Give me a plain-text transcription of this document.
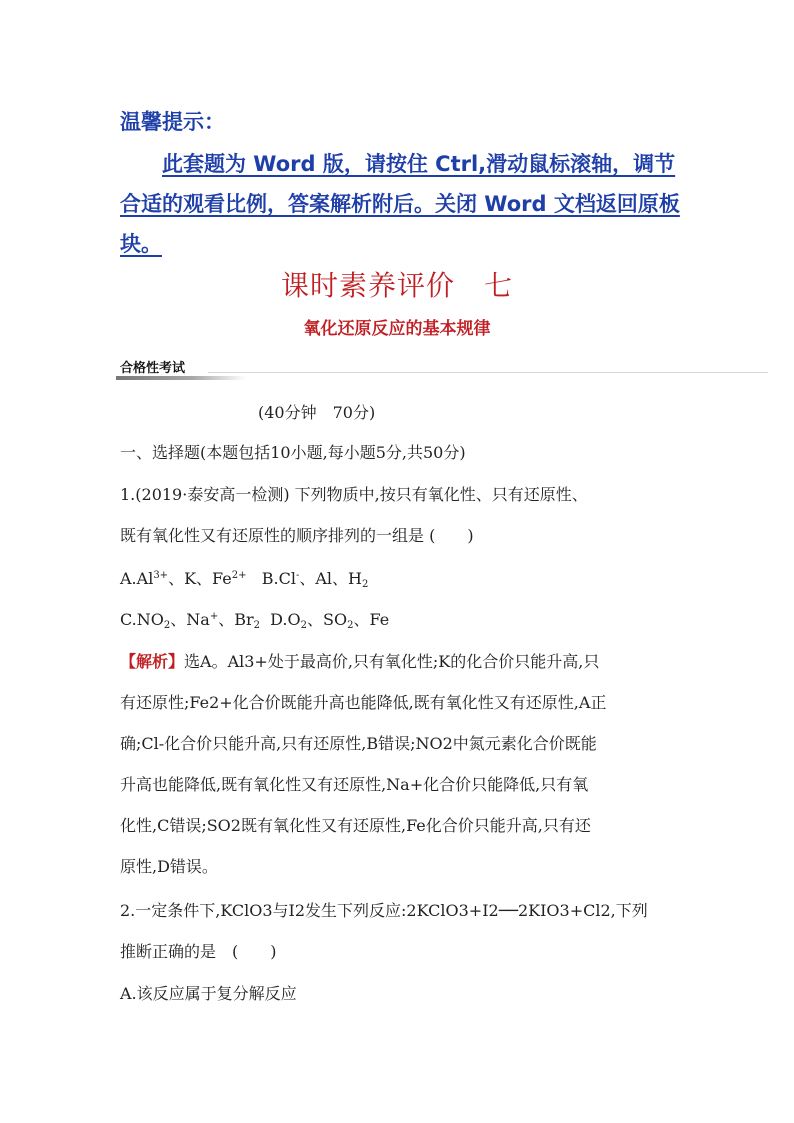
温馨提示：
此套题为 Word 版，请按住 Ctrl,滑动鼠标滚轴，调节
合适的观看比例，答案解析附后。关闭 Word 文档返回原板
块。
课时素养评价　七
氧化还原反应的基本规律
合格性考试
(40分钟　70分)
一、选择题(本题包括10小题,每小题5分,共50分)
1.(2019·泰安高一检测) 下列物质中,按只有氧化性、只有还原性、
既有氧化性又有还原性的顺序排列的一组是 (　　)
$A.Al^{3+}$、K、$Fe^{2+}$ B.Cl-、Al、$H_2$
$C.NO_2$、Na+、$Br_2$ $D.O_2$、$SO_2$、Fe
【解析】选A。Al3+处于最高价,只有氧化性;K的化合价只能升高,只
有还原性;Fe2+化合价既能升高也能降低,既有氧化性又有还原性,A正
确;Cl-化合价只能升高,只有还原性,B错误;NO2中氮元素化合价既能
升高也能降低,既有氧化性又有还原性,Na+化合价只能降低,只有氧
化性,C错误;SO2既有氧化性又有还原性,Fe化合价只能升高,只有还
原性,D错误。
2.一定条件下,KClO3与I2发生下列反应:2KClO3+I2──2KIO3+Cl2,下列
推断正确的是　(　　)
A.该反应属于复分解反应
